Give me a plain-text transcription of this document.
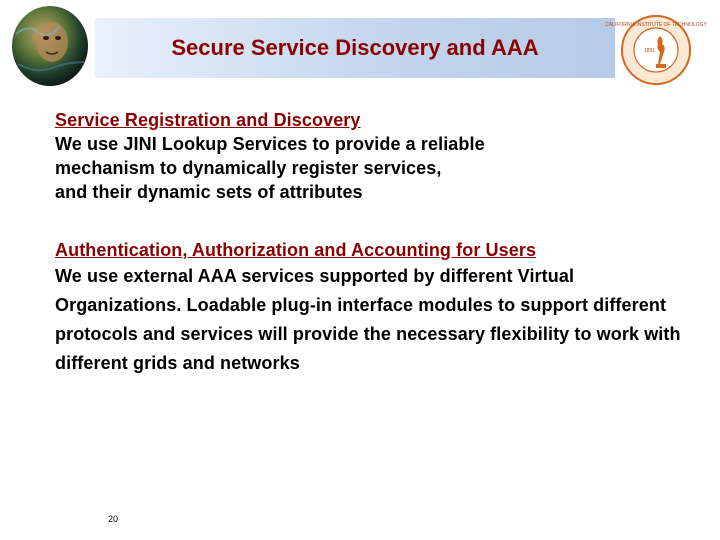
Secure Service Discovery and AAA
CALIFORNIA INSTITUTE OF TECHNOLOGY
1891
Service Registration and Discovery
We use JINI Lookup Services to provide a reliable
mechanism to dynamically register services,
and their dynamic sets of attributes
Authentication, Authorization and Accounting for Users
We use external AAA services supported by different Virtual Organizations. Loadable plug-in interface modules to support different protocols and services will provide the necessary flexibility to work with different grids and networks
20
